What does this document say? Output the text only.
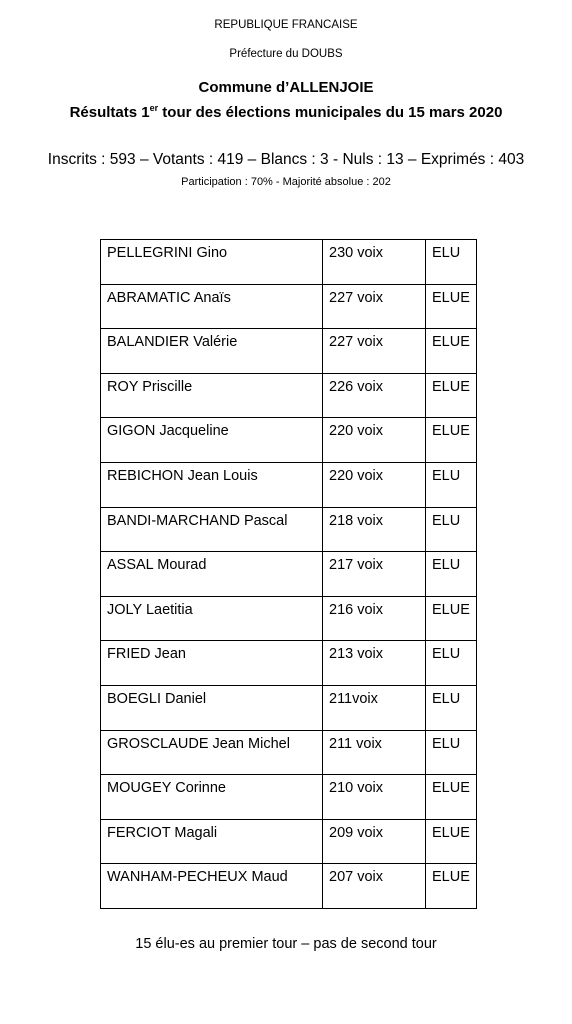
REPUBLIQUE FRANCAISE
Préfecture du DOUBS
Commune d’ALLENJOIE
Résultats 1er tour des élections municipales du 15 mars 2020
Inscrits : 593 – Votants : 419 – Blancs : 3 - Nuls : 13 – Exprimés : 403
Participation : 70% - Majorité absolue : 202
PELLEGRINI Gino	230 voix	ELU
ABRAMATIC Anaïs	227 voix	ELUE
BALANDIER Valérie	227 voix	ELUE
ROY Priscille	226 voix	ELUE
GIGON Jacqueline	220 voix	ELUE
REBICHON Jean Louis	220 voix	ELU
BANDI-MARCHAND Pascal	218 voix	ELU
ASSAL Mourad	217 voix	ELU
JOLY Laetitia	216 voix	ELUE
FRIED Jean	213 voix	ELU
BOEGLI Daniel	211voix	ELU
GROSCLAUDE Jean Michel	211 voix	ELU
MOUGEY Corinne	210 voix	ELUE
FERCIOT Magali	209 voix	ELUE
WANHAM-PECHEUX Maud	207 voix	ELUE
15 élu-es au premier tour – pas de second tour
